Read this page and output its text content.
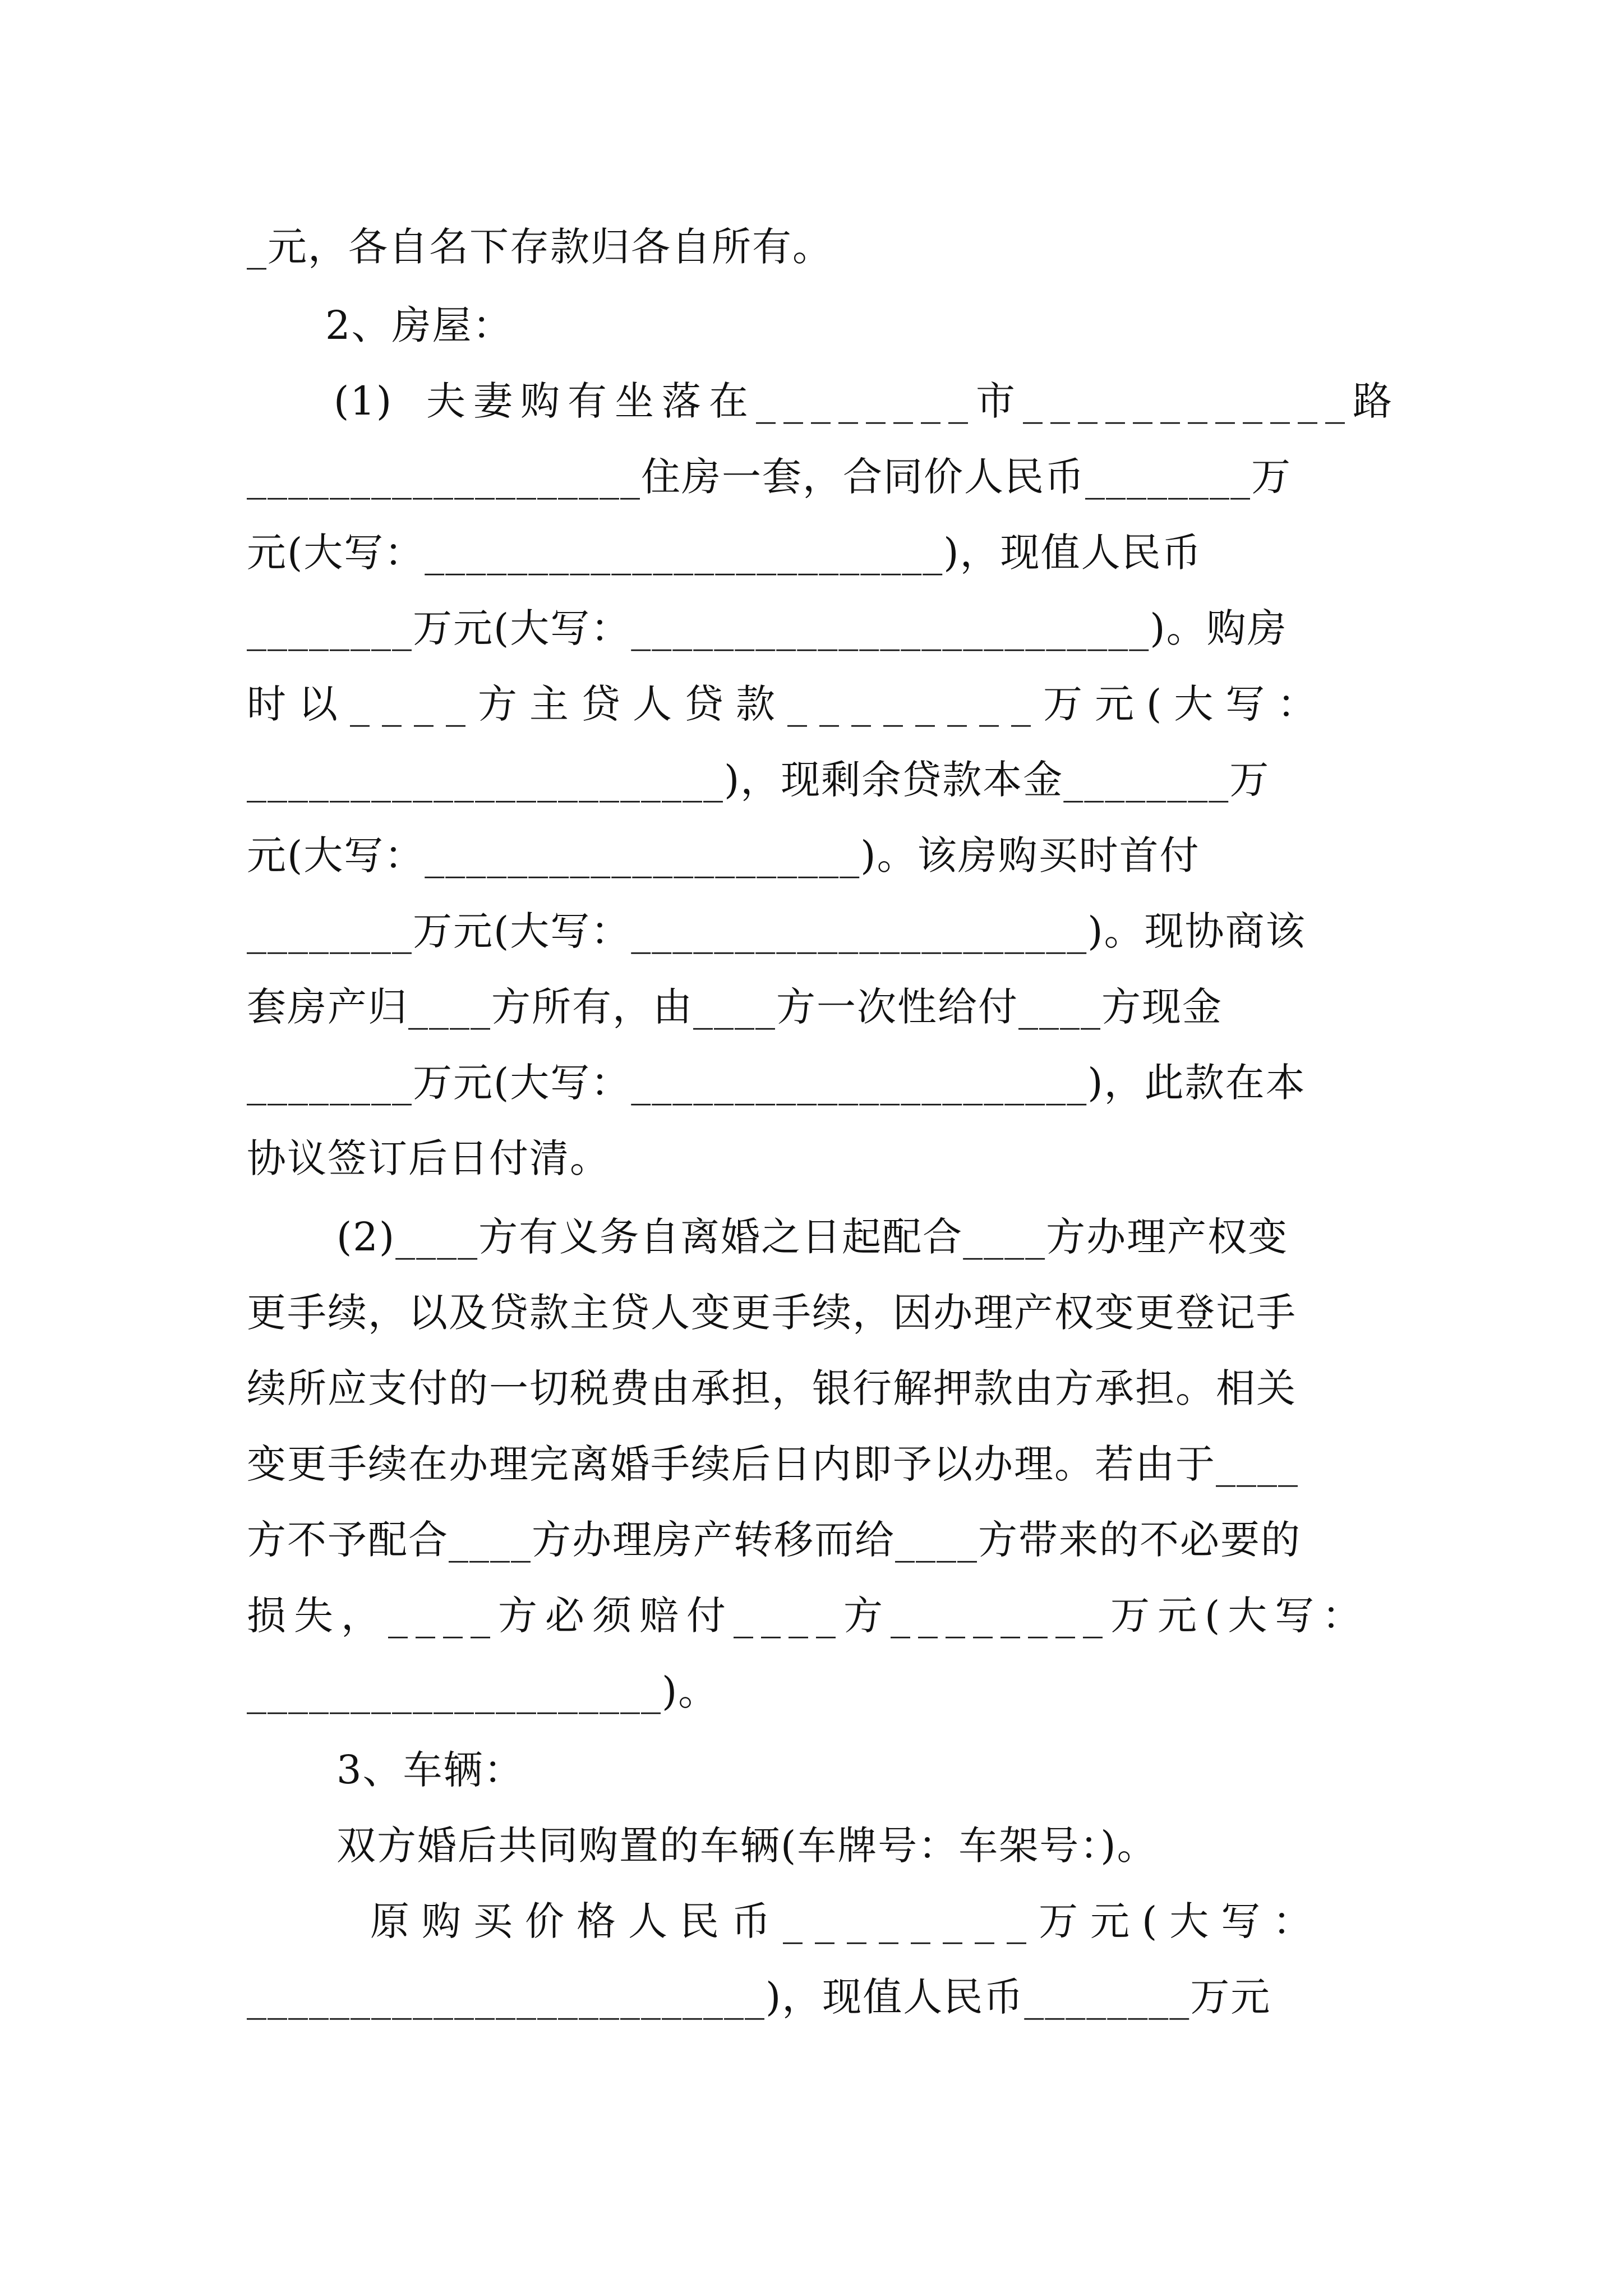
_元，各自名下存款归各自所有。
2、房屋：
(1) 夫妻购有坐落在________市____________路
___________________住房一套，合同价人民币________万
元(大写：_________________________)，现值人民币
________万元(大写：_________________________)。购房
时以____方主贷人贷款________万元(大写：
_______________________)，现剩余贷款本金________万
元(大写：_____________________)。该房购买时首付
________万元(大写：______________________)。现协商该
套房产归____方所有，由____方一次性给付____方现金
________万元(大写：______________________)，此款在本
协议签订后日付清。
(2)____方有义务自离婚之日起配合____方办理产权变
更手续，以及贷款主贷人变更手续，因办理产权变更登记手
续所应支付的一切税费由承担，银行解押款由方承担。相关
变更手续在办理完离婚手续后日内即予以办理。若由于____
方不予配合____方办理房产转移而给____方带来的不必要的
损失，____方必须赔付____方________万元(大写：
____________________)。
3、车辆：
双方婚后共同购置的车辆(车牌号：车架号：)。
原购买价格人民币________万元(大写：
_________________________)，现值人民币________万元
